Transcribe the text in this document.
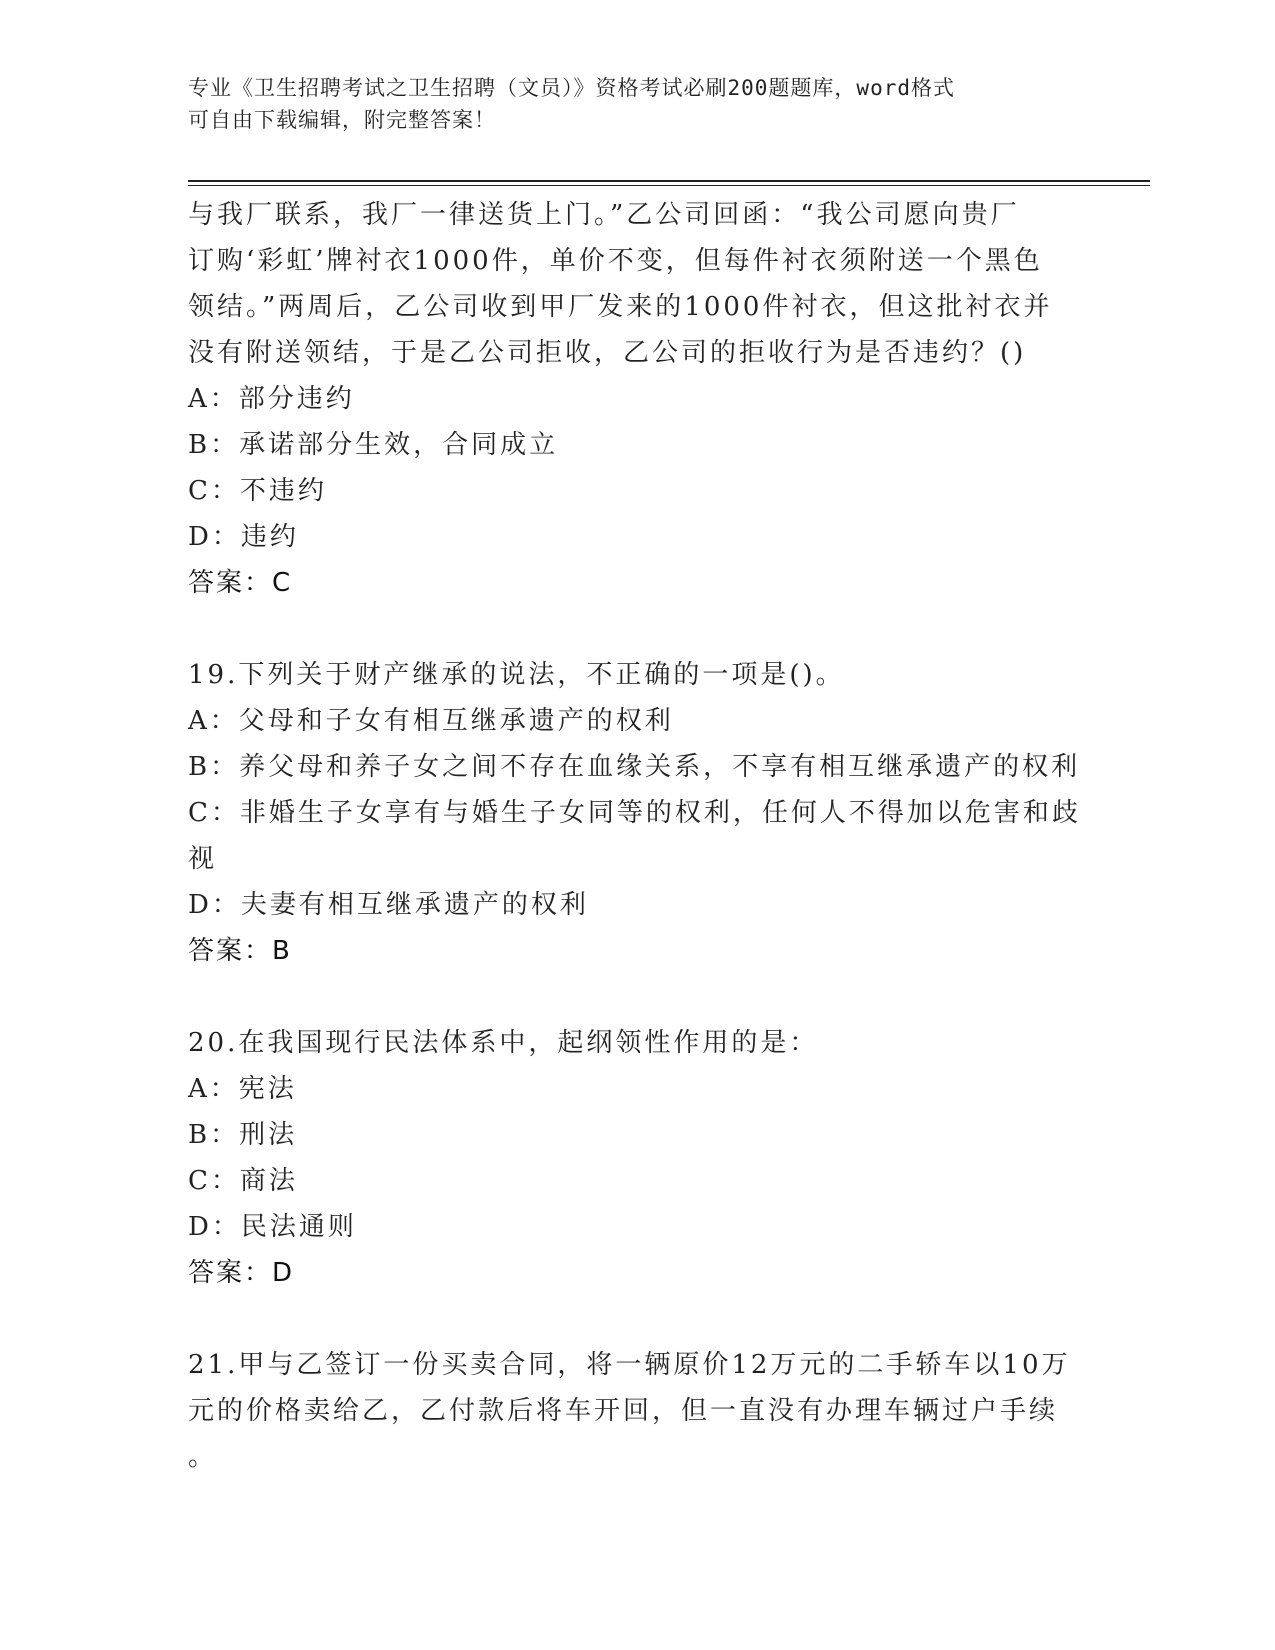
专业《卫生招聘考试之卫生招聘（文员）》资格考试必刷200题题库，word格式
可自由下载编辑，附完整答案！
与我厂联系，我厂一律送货上门。”乙公司回函：“我公司愿向贵厂
订购‘彩虹’牌衬衣1000件，单价不变，但每件衬衣须附送一个黑色
领结。”两周后，乙公司收到甲厂发来的1000件衬衣，但这批衬衣并
没有附送领结，于是乙公司拒收，乙公司的拒收行为是否违约？()
A：部分违约
B：承诺部分生效，合同成立
C：不违约
D：违约
答案：C
19.下列关于财产继承的说法，不正确的一项是()。
A：父母和子女有相互继承遗产的权利
B：养父母和养子女之间不存在血缘关系，不享有相互继承遗产的权利
C：非婚生子女享有与婚生子女同等的权利，任何人不得加以危害和歧
视
D：夫妻有相互继承遗产的权利
答案：B
20.在我国现行民法体系中，起纲领性作用的是：
A：宪法
B：刑法
C：商法
D：民法通则
答案：D
21.甲与乙签订一份买卖合同，将一辆原价12万元的二手轿车以10万
元的价格卖给乙，乙付款后将车开回，但一直没有办理车辆过户手续
。
